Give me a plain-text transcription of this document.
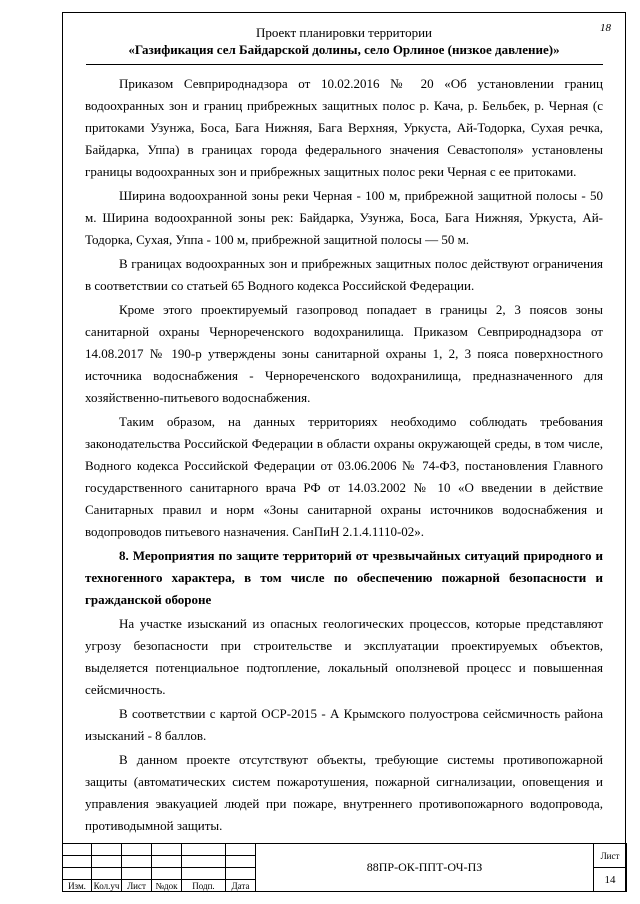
18
Проект планировки территории
«Газификация сел Байдарской долины, село Орлиное (низкое давление)»

Приказом Севприроднадзора от 10.02.2016 № 20 «Об установлении границ водоохранных зон и границ прибрежных защитных полос р. Кача, р. Бельбек, р. Черная (с притоками Узунжа, Боса, Бага Нижняя, Бага Верхняя, Уркуста, Ай-Тодорка, Сухая речка, Байдарка, Уппа) в границах города федерального значения Севастополя» установлены границы водоохранных зон и прибрежных защитных полос реки Черная с ее притоками.

Ширина водоохранной зоны реки Черная - 100 м, прибрежной защитной полосы - 50 м. Ширина водоохранной зоны рек: Байдарка, Узунжа, Боса, Бага Нижняя, Уркуста, Ай-Тодорка, Сухая, Уппа - 100 м, прибрежной защитной полосы — 50 м.

В границах водоохранных зон и прибрежных защитных полос действуют ограничения в соответствии со статьей 65 Водного кодекса Российской Федерации.

Кроме этого проектируемый газопровод попадает в границы 2, 3 поясов зоны санитарной охраны Чернореченского водохранилища. Приказом Севприроднадзора от 14.08.2017 № 190-р утверждены зоны санитарной охраны 1, 2, 3 пояса поверхностного источника водоснабжения - Чернореченского водохранилища, предназначенного для хозяйственно-питьевого водоснабжения.

Таким образом, на данных территориях необходимо соблюдать требования законодательства Российской Федерации в области охраны окружающей среды, в том числе, Водного кодекса Российской Федерации от 03.06.2006 № 74-ФЗ, постановления Главного государственного санитарного врача РФ от 14.03.2002 № 10 «О введении в действие Санитарных правил и норм «Зоны санитарной охраны источников водоснабжения и водопроводов питьевого назначения. СанПиН 2.1.4.1110-02».

8. Мероприятия по защите территорий от чрезвычайных ситуаций природного и техногенного характера, в том числе по обеспечению пожарной безопасности и гражданской обороне

На участке изысканий из опасных геологических процессов, которые представляют угрозу безопасности при строительстве и эксплуатации проектируемых объектов, выделяется потенциальное подтопление, локальный оползневой процесс и повышенная сейсмичность.

В соответствии с картой ОСР-2015 - А Крымского полуострова сейсмичность района изысканий - 8 баллов.

В данном проекте отсутствуют объекты, требующие системы противопожарной защиты (автоматических систем пожаротушения, пожарной сигнализации, оповещения и управления эвакуацией людей при пожаре, внутреннего противопожарного водопровода, противодымной защиты.

						88ПР-ОК-ППТ-ОЧ-ПЗ	Лист

							14
Изм.	Кол.уч	Лист	№док	Подп.	Дата		
